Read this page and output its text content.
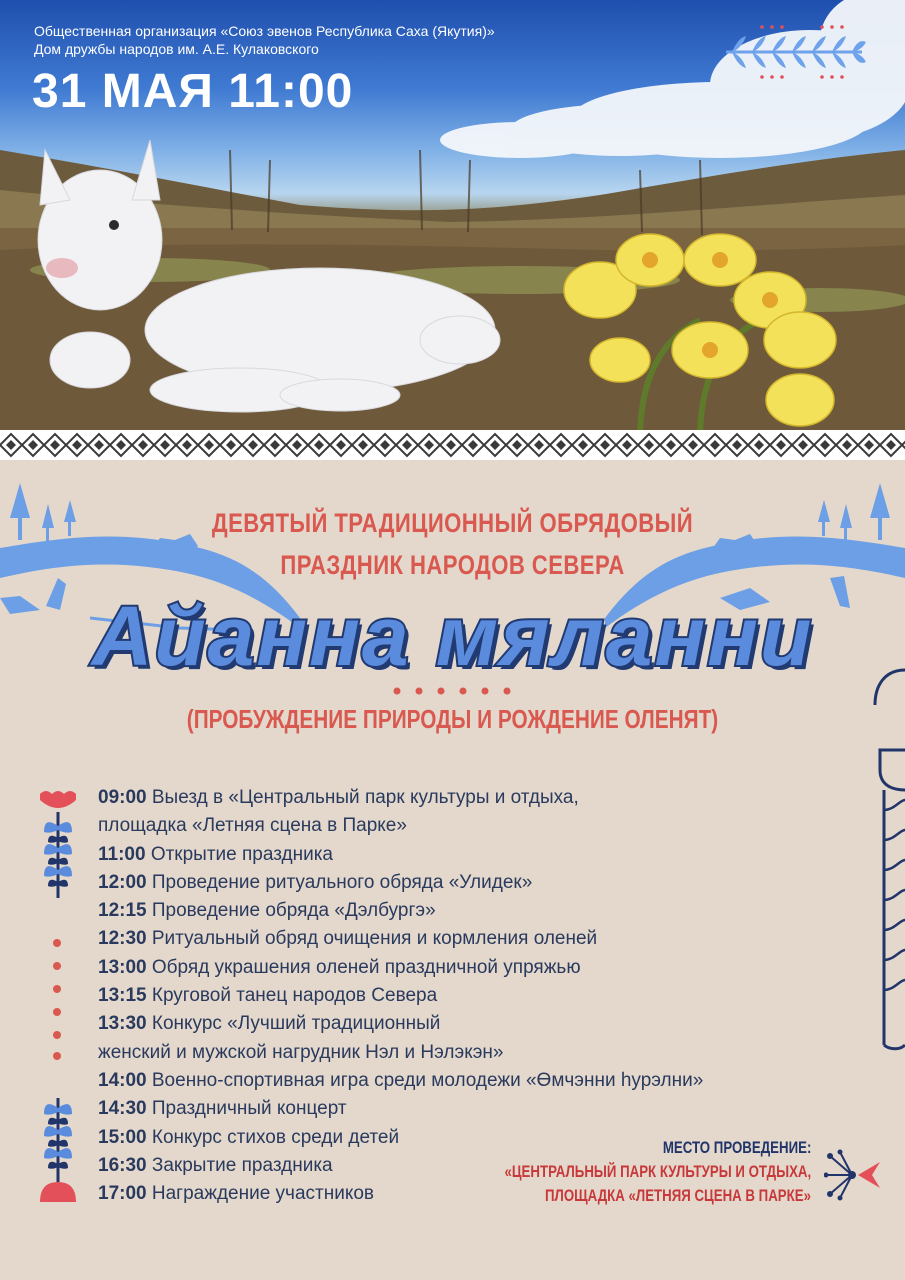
Общественная организация «Союз эвенов Республика Саха (Якутия)»
Дом дружбы народов им. А.Е. Кулаковского
31 МАЯ 11:00
ДЕВЯТЫЙ ТРАДИЦИОННЫЙ ОБРЯДОВЫЙ
ПРАЗДНИК НАРОДОВ СЕВЕРА
Айанна мяланни
(ПРОБУЖДЕНИЕ ПРИРОДЫ И РОЖДЕНИЕ ОЛЕНЯТ)
09:00 Выезд в «Центральный парк культуры и отдыха,
площадка «Летняя сцена в Парке»
11:00 Открытие праздника
12:00 Проведение ритуального обряда «Улидек»
12:15 Проведение обряда «Дэлбургэ»
12:30 Ритуальный обряд очищения и кормления оленей
13:00 Обряд украшения оленей праздничной упряжью
13:15 Круговой танец народов Севера
13:30 Конкурс «Лучший традиционный
женский и мужской нагрудник Нэл и Нэлэкэн»
14:00 Военно-спортивная игра среди молодежи «Өмчэнни һурэлни»
14:30 Праздничный концерт
15:00 Конкурс стихов среди детей
16:30 Закрытие праздника
17:00 Награждение участников
МЕСТО ПРОВЕДЕНИЕ:
«ЦЕНТРАЛЬНЫЙ ПАРК КУЛЬТУРЫ И ОТДЫХА,
ПЛОЩАДКА «ЛЕТНЯЯ СЦЕНА В ПАРКЕ»
